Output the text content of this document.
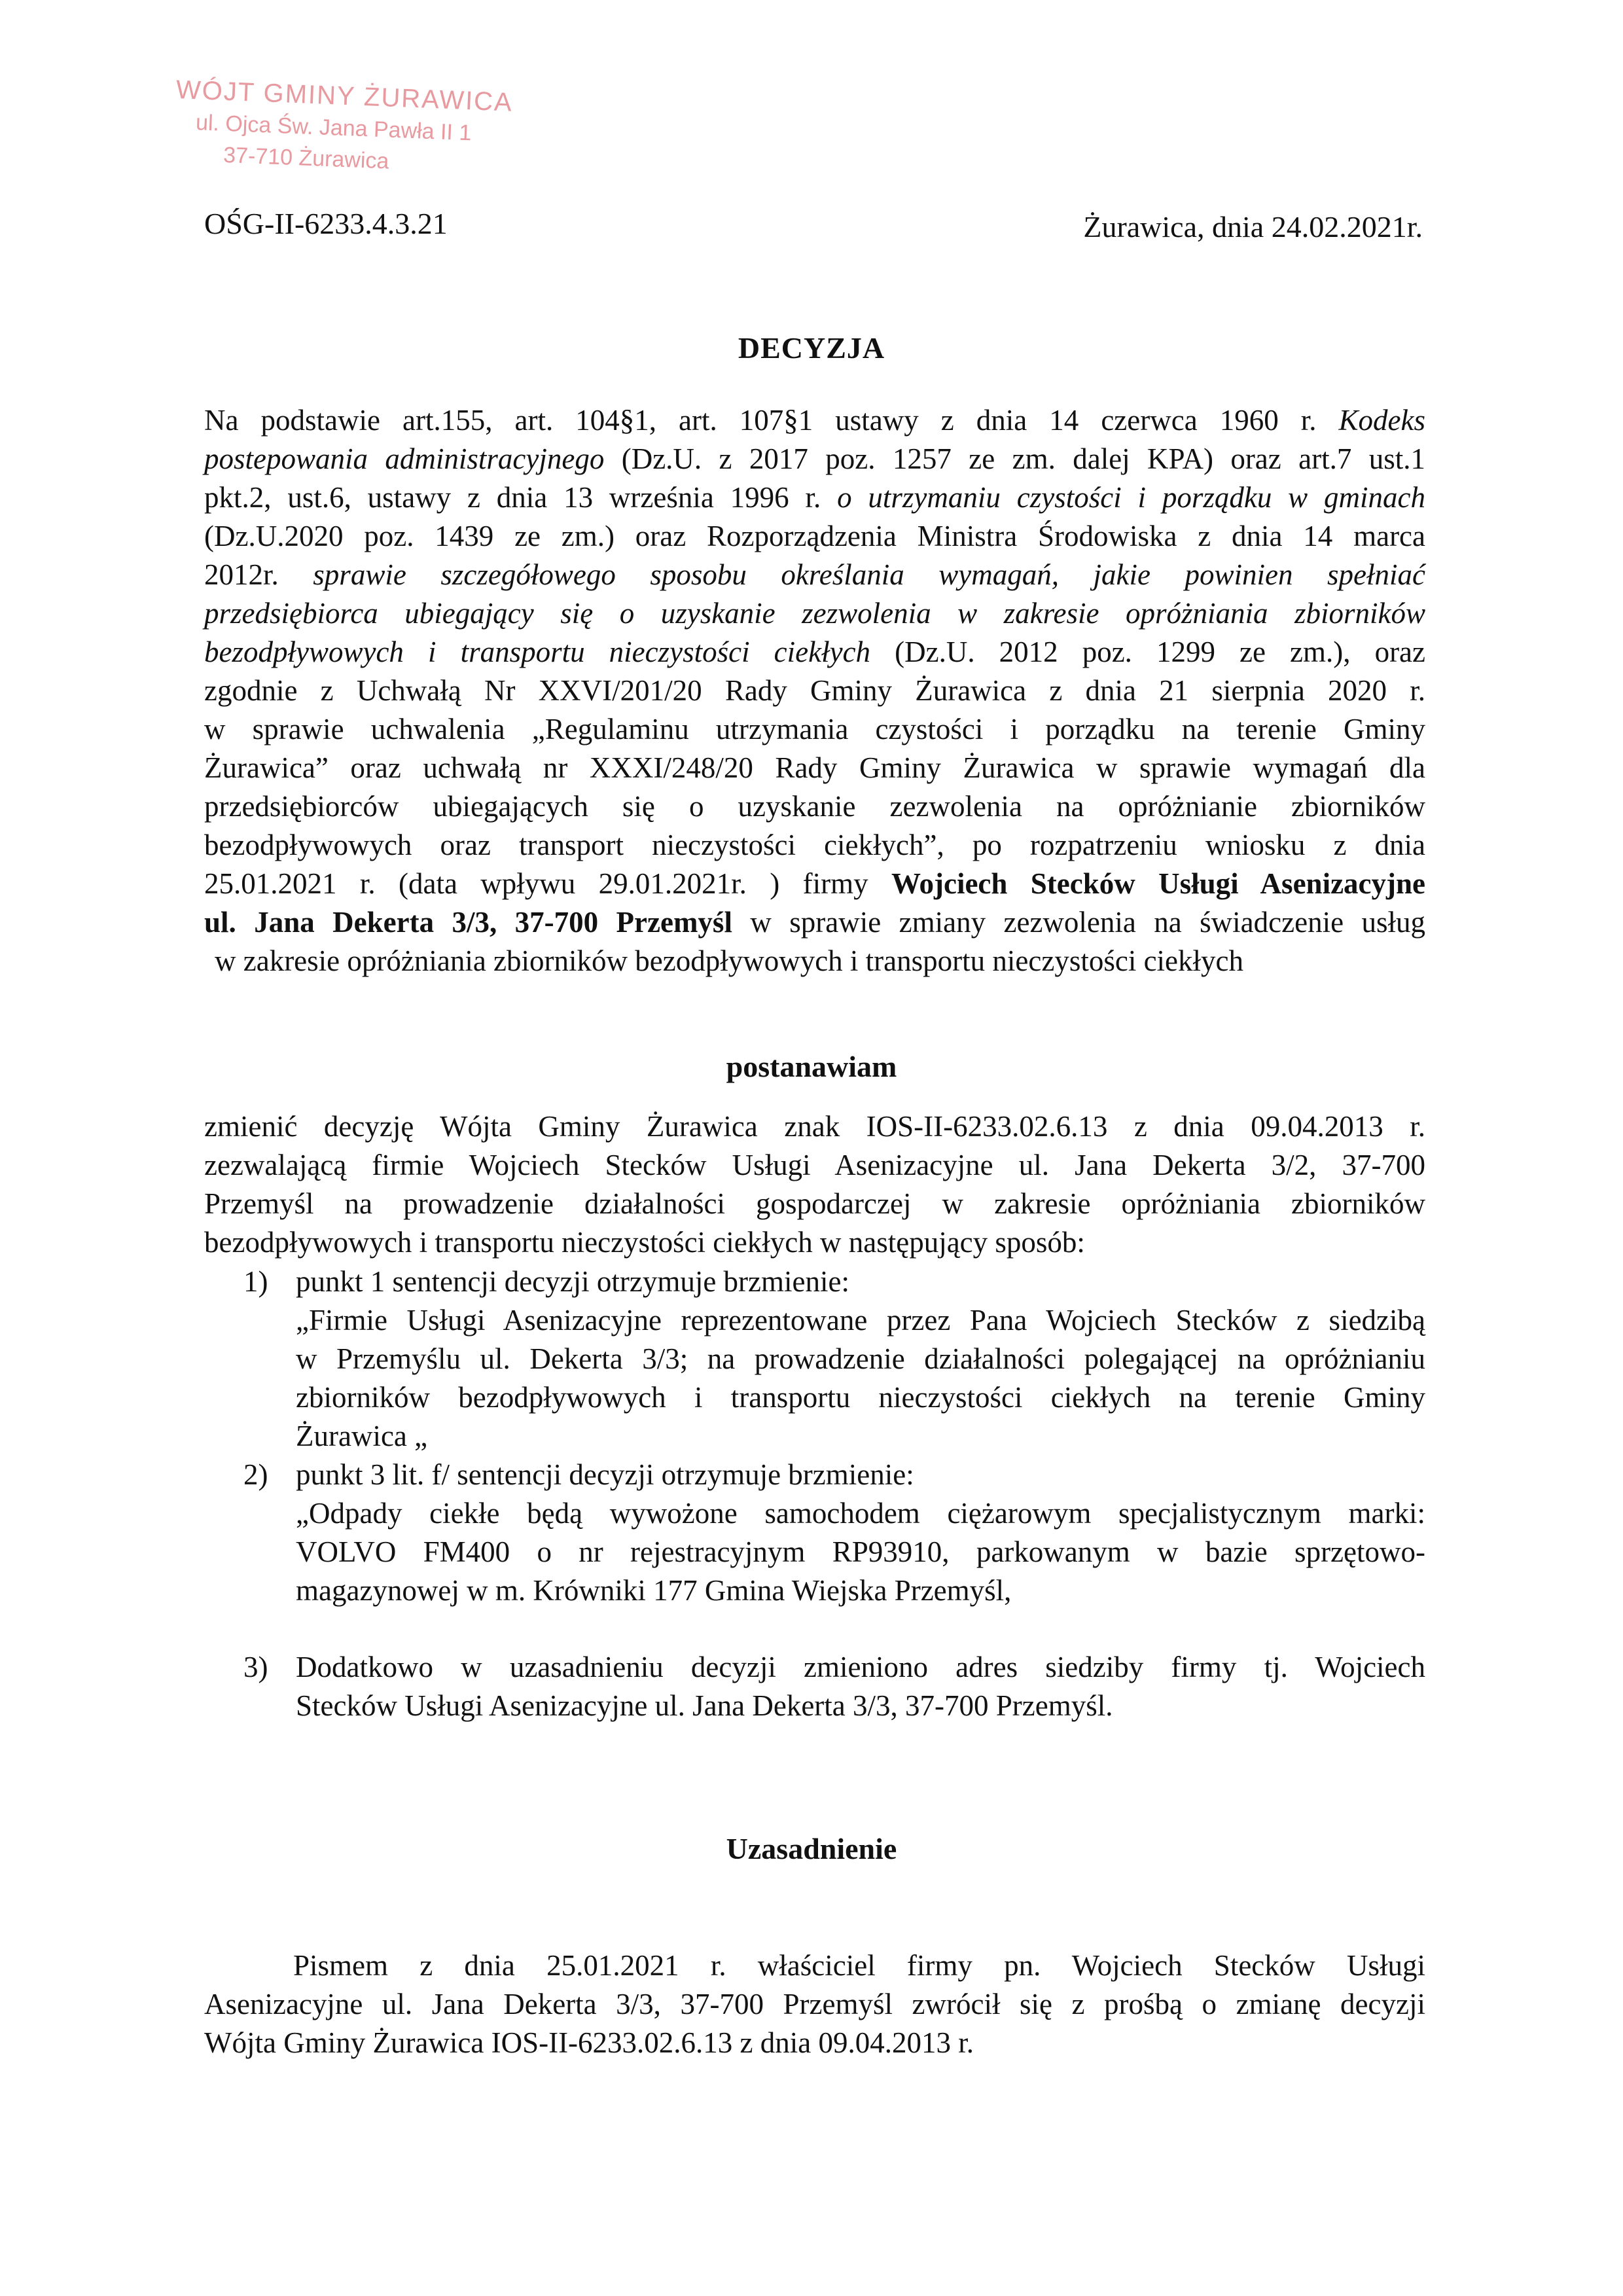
WÓJT GMINY ŻURAWICA
ul. Ojca Św. Jana Pawła II 1
37-710 Żurawica
OŚG-II-6233.4.3.21	Żurawica, dnia 24.02.2021r.
DECYZJA
Na podstawie art.155, art. 104§1, art. 107§1 ustawy z dnia 14 czerwca 1960 r. Kodeks
postepowania administracyjnego (Dz.U. z 2017 poz. 1257 ze zm. dalej KPA) oraz art.7 ust.1
pkt.2, ust.6, ustawy z dnia 13 września 1996 r. o utrzymaniu czystości i porządku w gminach
(Dz.U.2020 poz. 1439 ze zm.) oraz Rozporządzenia Ministra Środowiska z dnia 14 marca
2012r. sprawie szczegółowego sposobu określania wymagań, jakie powinien spełniać
przedsiębiorca ubiegający się o uzyskanie zezwolenia w zakresie opróżniania zbiorników
bezodpływowych i transportu nieczystości ciekłych (Dz.U. 2012 poz. 1299 ze zm.), oraz
zgodnie z Uchwałą Nr XXVI/201/20 Rady Gminy Żurawica z dnia 21 sierpnia 2020 r.
w sprawie uchwalenia „Regulaminu utrzymania czystości i porządku na terenie Gminy
Żurawica” oraz uchwałą nr XXXI/248/20 Rady Gminy Żurawica w sprawie wymagań dla
przedsiębiorców ubiegających się o uzyskanie zezwolenia na opróżnianie zbiorników
bezodpływowych oraz transport nieczystości ciekłych”, po rozpatrzeniu wniosku z dnia
25.01.2021 r. (data wpływu 29.01.2021r. ) firmy Wojciech Stecków Usługi Asenizacyjne
ul. Jana Dekerta 3/3, 37-700 Przemyśl w sprawie zmiany zezwolenia na świadczenie usług
w zakresie opróżniania zbiorników bezodpływowych i transportu nieczystości ciekłych
postanawiam
zmienić decyzję Wójta Gminy Żurawica znak IOS-II-6233.02.6.13 z dnia 09.04.2013 r.
zezwalającą firmie Wojciech Stecków Usługi Asenizacyjne ul. Jana Dekerta 3/2, 37-700
Przemyśl na prowadzenie działalności gospodarczej w zakresie opróżniania zbiorników
bezodpływowych i transportu nieczystości ciekłych w następujący sposób:
1) punkt 1 sentencji decyzji otrzymuje brzmienie:
„Firmie Usługi Asenizacyjne reprezentowane przez Pana Wojciech Stecków z siedzibą
w Przemyślu ul. Dekerta 3/3; na prowadzenie działalności polegającej na opróżnianiu
zbiorników bezodpływowych i transportu nieczystości ciekłych na terenie Gminy
Żurawica „
2) punkt 3 lit. f/ sentencji decyzji otrzymuje brzmienie:
„Odpady ciekłe będą wywożone samochodem ciężarowym specjalistycznym marki:
VOLVO FM400 o nr rejestracyjnym RP93910, parkowanym w bazie sprzętowo-
magazynowej w m. Krówniki 177 Gmina Wiejska Przemyśl,
3) Dodatkowo w uzasadnieniu decyzji zmieniono adres siedziby firmy tj. Wojciech
Stecków Usługi Asenizacyjne ul. Jana Dekerta 3/3, 37-700 Przemyśl.
Uzasadnienie
Pismem z dnia 25.01.2021 r. właściciel firmy pn. Wojciech Stecków Usługi
Asenizacyjne ul. Jana Dekerta 3/3, 37-700 Przemyśl zwrócił się z prośbą o zmianę decyzji
Wójta Gminy Żurawica IOS-II-6233.02.6.13 z dnia 09.04.2013 r.
